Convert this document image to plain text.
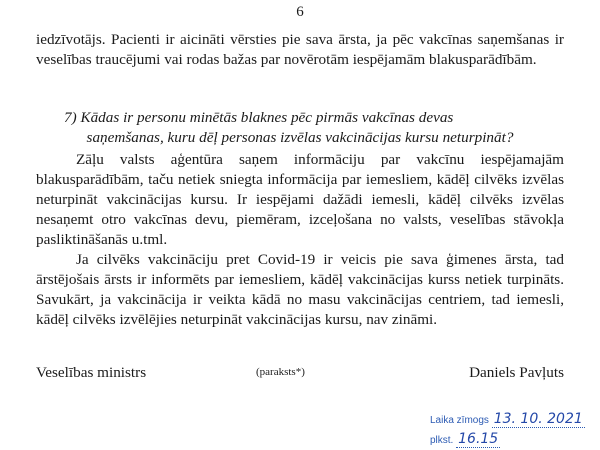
6

iedzīvotājs. Pacienti ir aicināti vērsties pie sava ārsta, ja pēc vakcīnas saņemšanas ir veselības traucējumi vai rodas bažas par novērotām iespējamām blakusparādībām.

7) Kādas ir personu minētās blaknes pēc pirmās vakcīnas devas
saņemšanas, kuru dēļ personas izvēlas vakcinācijas kursu neturpināt?

Zāļu valsts aģentūra saņem informāciju par vakcīnu iespējamajām blakusparādībām, taču netiek sniegta informācija par iemesliem, kādēļ cilvēks izvēlas neturpināt vakcinācijas kursu. Ir iespējami dažādi iemesli, kādēļ cilvēks izvēlas nesaņemt otro vakcīnas devu, piemēram, izceļošana no valsts, veselības stāvokļa pasliktināšanās u.tml.

Ja cilvēks vakcināciju pret Covid-19 ir veicis pie sava ģimenes ārsta, tad ārstējošais ārsts ir informēts par iemesliem, kādēļ vakcinācijas kurss netiek turpināts. Savukārt, ja vakcinācija ir veikta kādā no masu vakcinācijas centriem, tad iemesli, kādēļ cilvēks izvēlējies neturpināt vakcinācijas kursu, nav zināmi.

Veselības ministrs	(paraksts*)	Daniels Pavļuts
Laika zīmogs 13. 10. 2021
plkst. 16.15
